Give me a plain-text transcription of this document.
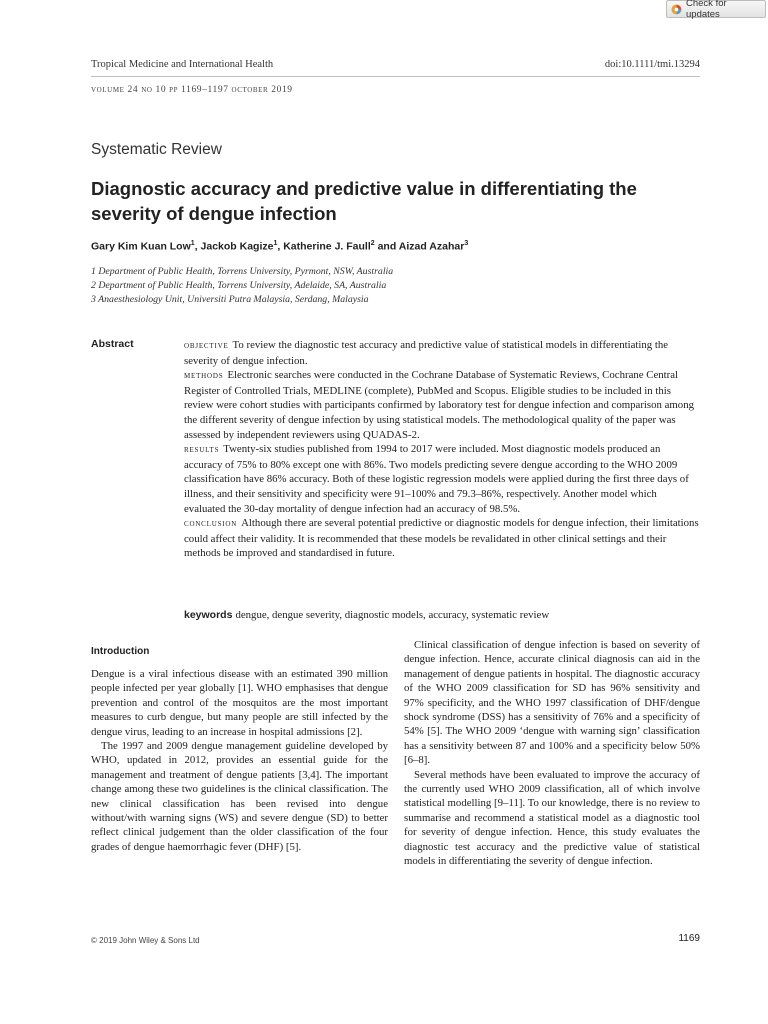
Check for updates
Tropical Medicine and International Health	doi:10.1111/tmi.13294
volume 24 no 10 pp 1169–1197 october 2019
Systematic Review
Diagnostic accuracy and predictive value in differentiating the severity of dengue infection
Gary Kim Kuan Low$^1$, Jackob Kagize$^1$, Katherine J. Faull$^2$ and Aizad Azahar$^3$
1 Department of Public Health, Torrens University, Pyrmont, NSW, Australia
2 Department of Public Health, Torrens University, Adelaide, SA, Australia
3 Anaesthesiology Unit, Universiti Putra Malaysia, Serdang, Malaysia
Abstract	objective To review the diagnostic test accuracy and predictive value of statistical models in differentiating the severity of dengue infection.

methods Electronic searches were conducted in the Cochrane Database of Systematic Reviews, Cochrane Central Register of Controlled Trials, MEDLINE (complete), PubMed and Scopus. Eligible studies to be included in this review were cohort studies with participants confirmed by laboratory test for dengue infection and comparison among the different severity of dengue infection by using statistical models. The methodological quality of the paper was assessed by independent reviewers using QUADAS-2.

results Twenty-six studies published from 1994 to 2017 were included. Most diagnostic models produced an accuracy of 75% to 80% except one with 86%. Two models predicting severe dengue according to the WHO 2009 classification have 86% accuracy. Both of these logistic regression models were applied during the first three days of illness, and their sensitivity and specificity were 91–100% and 79.3–86%, respectively. Another model which evaluated the 30-day mortality of dengue infection had an accuracy of 98.5%.

conclusion Although there are several potential predictive or diagnostic models for dengue infection, their limitations could affect their validity. It is recommended that these models be revalidated in other clinical settings and their methods be improved and standardised in future.

keywords dengue, dengue severity, diagnostic models, accuracy, systematic review
Introduction

Dengue is a viral infectious disease with an estimated 390 million people infected per year globally [1]. WHO emphasises that dengue prevention and control of the mosquitos are the most important measures to curb dengue, but many people are still infected by the dengue virus, leading to an increase in hospital admissions [2].

The 1997 and 2009 dengue management guideline developed by WHO, updated in 2012, provides an essential guide for the management and treatment of dengue patients [3,4]. The important change among these two guidelines is the clinical classification. The new clinical classification has been revised into dengue without/with warning signs (WS) and severe dengue (SD) to better reflect clinical judgement than the older classification of the four grades of dengue haemorrhagic fever (DHF) [5].

Clinical classification of dengue infection is based on severity of dengue infection. Hence, accurate clinical diagnosis can aid in the management of dengue patients in hospital. The diagnostic accuracy of the WHO 2009 classification for SD has 96% sensitivity and 97% specificity, and the WHO 1997 classification of DHF/dengue shock syndrome (DSS) has a sensitivity of 76% and a specificity of 54% [5]. The WHO 2009 ‘dengue with warning sign’ classification has a sensitivity between 87 and 100% and a specificity below 50% [6–8].

Several methods have been evaluated to improve the accuracy of the currently used WHO 2009 classification, all of which involve statistical modelling [9–11]. To our knowledge, there is no review to summarise and recommend a statistical model as a diagnostic tool for severity of dengue infection. Hence, this study evaluates the diagnostic test accuracy and the predictive value of statistical models in differentiating the severity of dengue infection.

© 2019 John Wiley & Sons Ltd	1169
